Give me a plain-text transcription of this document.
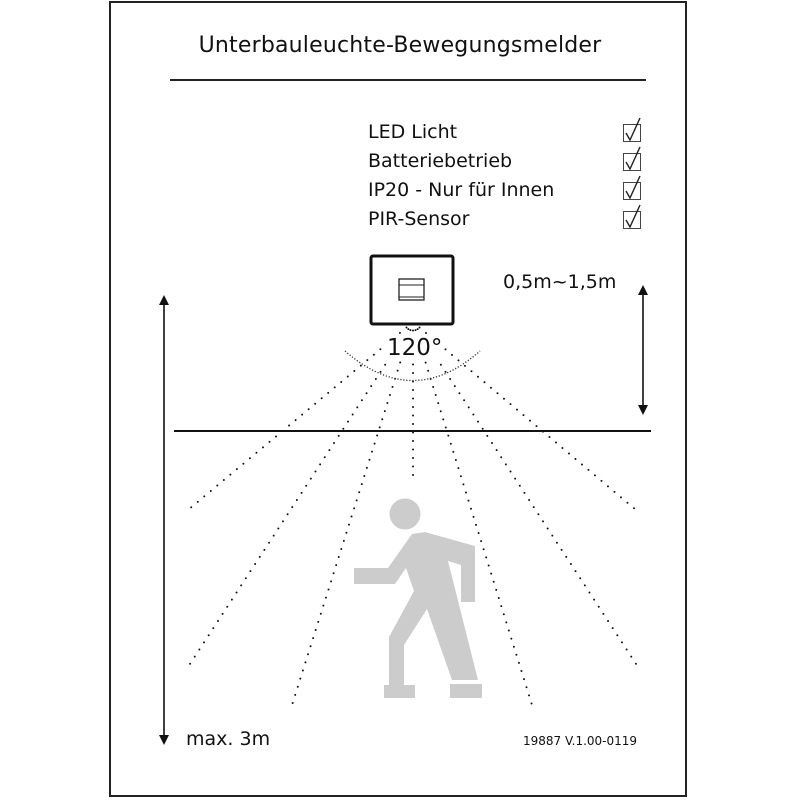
Unterbauleuchte-Bewegungsmelder
LED Licht
Batteriebetrieb
IP20 - Nur für Innen
PIR-Sensor
0,5m~1,5m
120°
max. 3m	19887 V.1.00-0119
